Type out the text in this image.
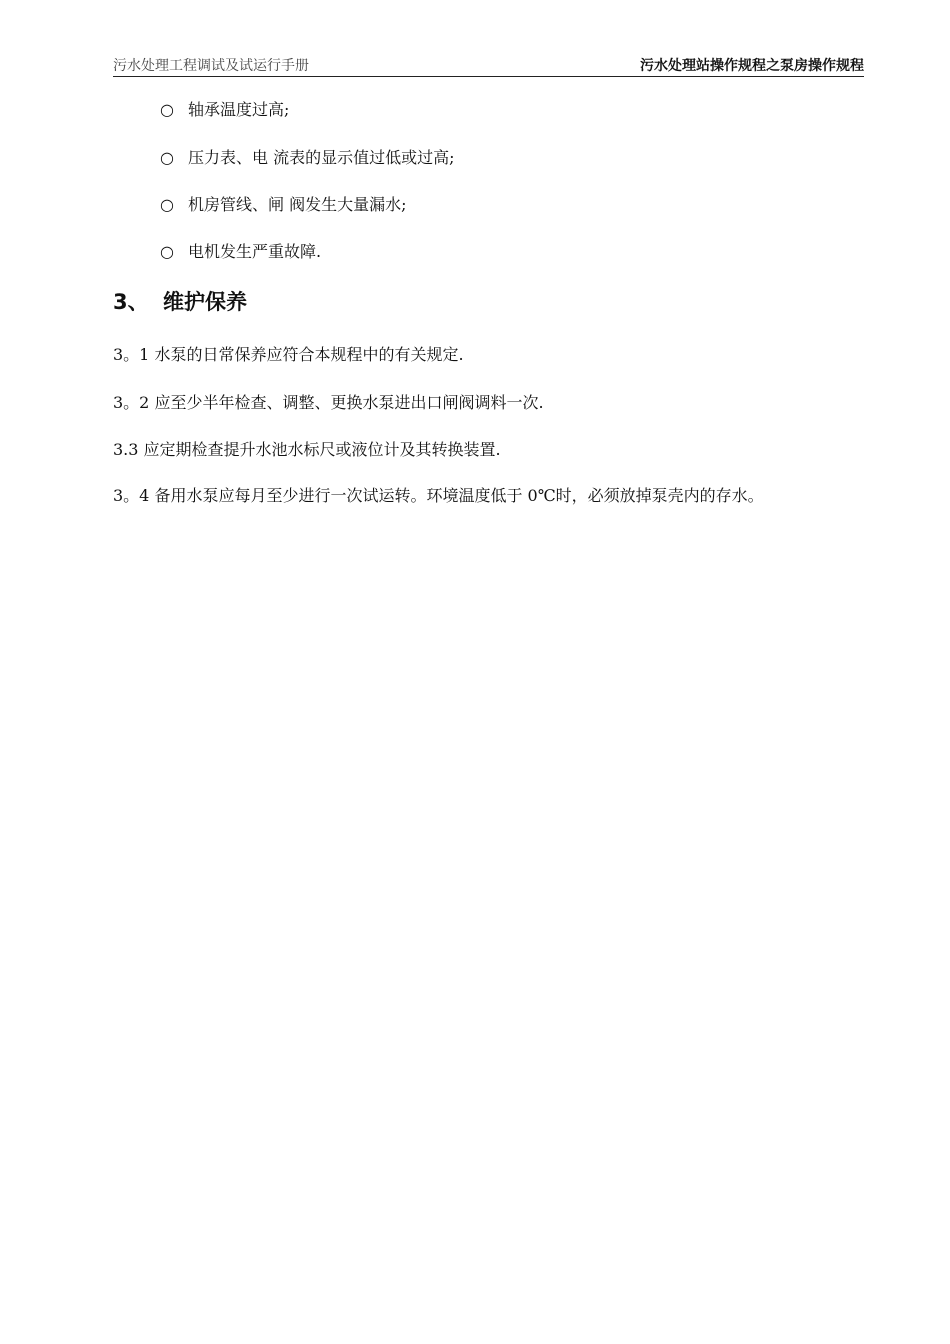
污水处理工程调试及试运行手册	污水处理站操作规程之泵房操作规程
○ 轴承温度过高;
○ 压力表、电 流表的显示值过低或过高;
○ 机房管线、闸 阀发生大量漏水;
○ 电机发生严重故障.
3、 维护保养
3。1 水泵的日常保养应符合本规程中的有关规定.
3。2 应至少半年检查、调整、更换水泵进出口闸阀调料一次.
3.3 应定期检查提升水池水标尺或液位计及其转换装置.
3。4 备用水泵应每月至少进行一次试运转。环境温度低于 0℃时，必须放掉泵壳内的存水。
